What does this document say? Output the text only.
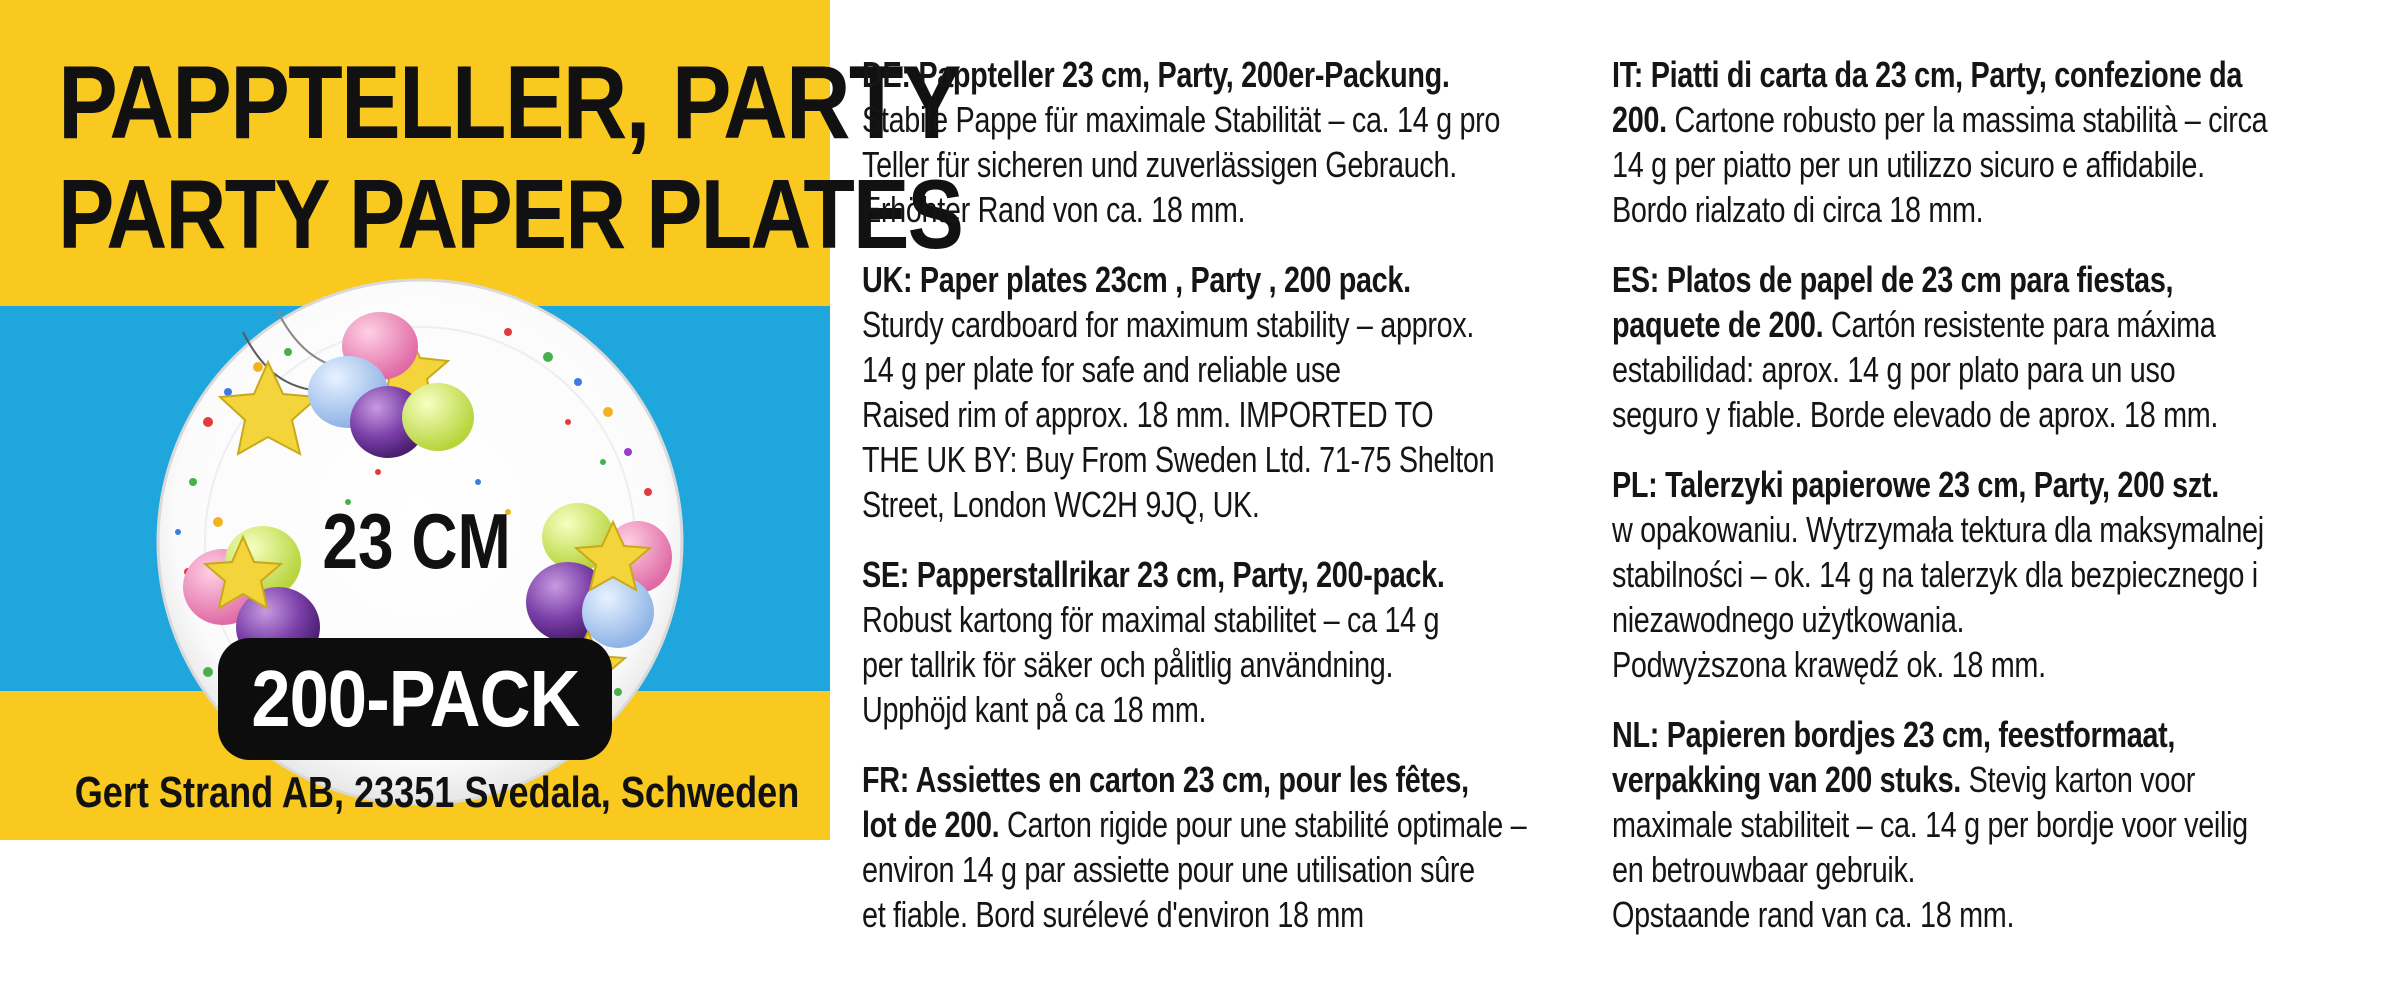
PAPPTELLER, PARTY
PARTY PAPER PLATES
23 CM
200-PACK
Gert Strand AB, 23351 Svedala, Schweden
DE: Pappteller 23 cm, Party, 200er-Packung.
Stabile Pappe für maximale Stabilität – ca. 14 g pro
Teller für sicheren und zuverlässigen Gebrauch.
Erhöhter Rand von ca. 18 mm.
UK: Paper plates 23cm , Party , 200 pack.
Sturdy cardboard for maximum stability – approx.
14 g per plate for safe and reliable use
Raised rim of approx. 18 mm. IMPORTED TO
THE UK BY: Buy From Sweden Ltd. 71-75 Shelton
Street, London WC2H 9JQ, UK.
SE: Papperstallrikar 23 cm, Party, 200-pack.
Robust kartong för maximal stabilitet – ca 14 g
per tallrik för säker och pålitlig användning.
Upphöjd kant på ca 18 mm.
FR: Assiettes en carton 23 cm, pour les fêtes,
lot de 200. Carton rigide pour une stabilité optimale –
environ 14 g par assiette pour une utilisation sûre
et fiable. Bord surélevé d'environ 18 mm
IT: Piatti di carta da 23 cm, Party, confezione da
200. Cartone robusto per la massima stabilità – circa
14 g per piatto per un utilizzo sicuro e affidabile.
Bordo rialzato di circa 18 mm.
ES: Platos de papel de 23 cm para fiestas,
paquete de 200. Cartón resistente para máxima
estabilidad: aprox. 14 g por plato para un uso
seguro y fiable. Borde elevado de aprox. 18 mm.
PL: Talerzyki papierowe 23 cm, Party, 200 szt.
w opakowaniu. Wytrzymała tektura dla maksymalnej
stabilności – ok. 14 g na talerzyk dla bezpiecznego i
niezawodnego użytkowania.
Podwyższona krawędź ok. 18 mm.
NL: Papieren bordjes 23 cm, feestformaat,
verpakking van 200 stuks. Stevig karton voor
maximale stabiliteit – ca. 14 g per bordje voor veilig
en betrouwbaar gebruik.
Opstaande rand van ca. 18 mm.
